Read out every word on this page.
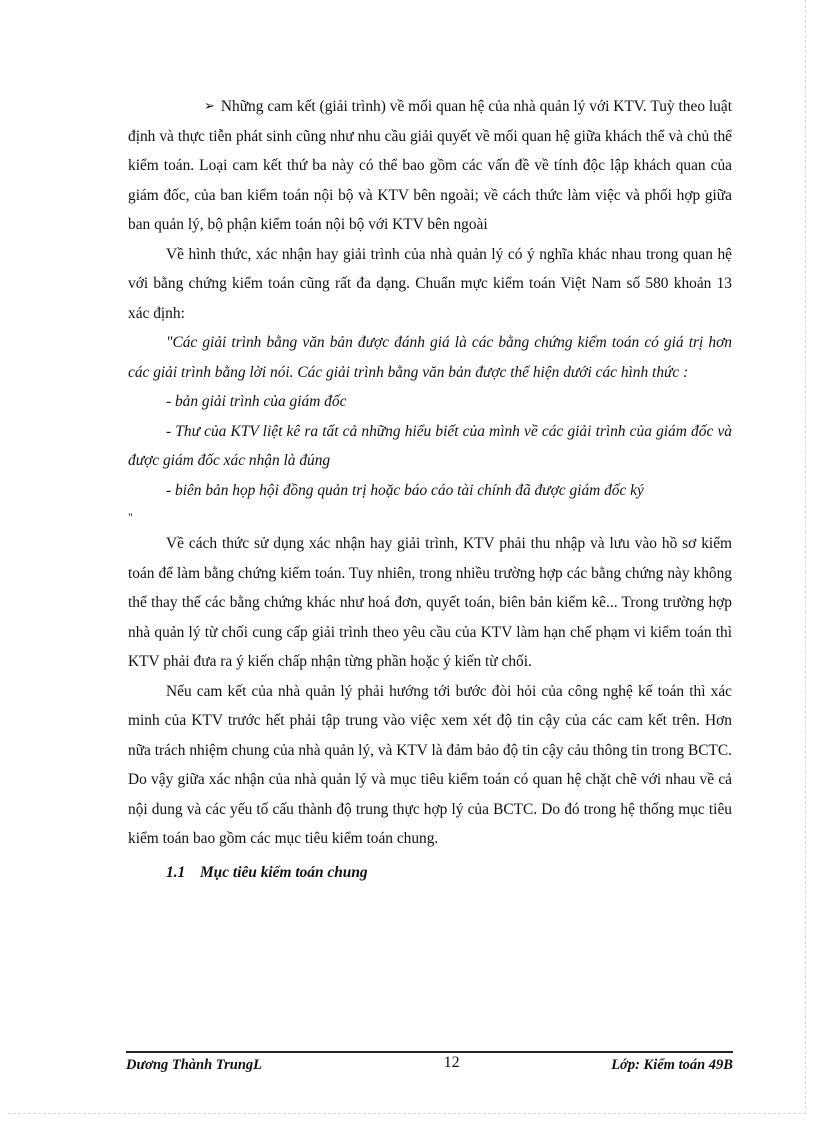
➢ Những cam kết (giải trình) về mối quan hệ của nhà quản lý với KTV. Tuỳ theo luật định và thực tiễn phát sinh cũng như nhu cầu giải quyết về mối quan hệ giữa khách thể và chủ thể kiểm toán. Loại cam kết thứ ba này có thể bao gồm các vấn đề về tính độc lập khách quan của giám đốc, của ban kiểm toán nội bộ và KTV bên ngoài; về cách thức làm việc và phối hợp giữa ban quản lý, bộ phận kiểm toán nội bộ với KTV bên ngoài

Về hình thức, xác nhận hay giải trình của nhà quản lý có ý nghĩa khác nhau trong quan hệ với bằng chứng kiểm toán cũng rất đa dạng. Chuẩn mực kiểm toán Việt Nam số 580 khoản 13 xác định:

"Các giải trình bằng văn bản được đánh giá là các bằng chứng kiểm toán có giá trị hơn các giải trình bằng lời nói. Các giải trình bằng văn bản được thể hiện dưới các hình thức :

- bản giải trình của giám đốc

- Thư của KTV liệt kê ra tất cả những hiểu biết của mình về các giải trình của giám đốc và được giám đốc xác nhận là đúng

- biên bản họp hội đồng quản trị hoặc báo cáo tài chính đã được giám đốc ký

"

Về cách thức sử dụng xác nhận hay giải trình, KTV phải thu nhập và lưu vào hồ sơ kiểm toán để làm bằng chứng kiểm toán. Tuy nhiên, trong nhiều trường hợp các bằng chứng này không thể thay thế các bằng chứng khác như hoá đơn, quyết toán, biên bản kiểm kê... Trong trường hợp nhà quản lý từ chối cung cấp giải trình theo yêu cầu của KTV làm hạn chế phạm vi kiểm toán thì KTV phải đưa ra ý kiến chấp nhận từng phần hoặc ý kiến từ chối.

Nếu cam kết của nhà quản lý phải hướng tới bước đòi hỏi của công nghệ kế toán thì xác minh của KTV trước hết phải tập trung vào việc xem xét độ tin cậy của các cam kết trên. Hơn nữa trách nhiệm chung của nhà quản lý, và KTV là đảm bảo độ tin cậy cảu thông tin trong BCTC. Do vậy giữa xác nhận của nhà quản lý và mục tiêu kiểm toán có quan hệ chặt chẽ với nhau về cả nội dung và các yếu tố cấu thành độ trung thực hợp lý của BCTC. Do đó trong hệ thống mục tiêu kiểm toán bao gồm các mục tiêu kiểm toán chung.

1.1 Mục tiêu kiểm toán chung

Dương Thành TrungL	12	Lớp: Kiểm toán 49B
